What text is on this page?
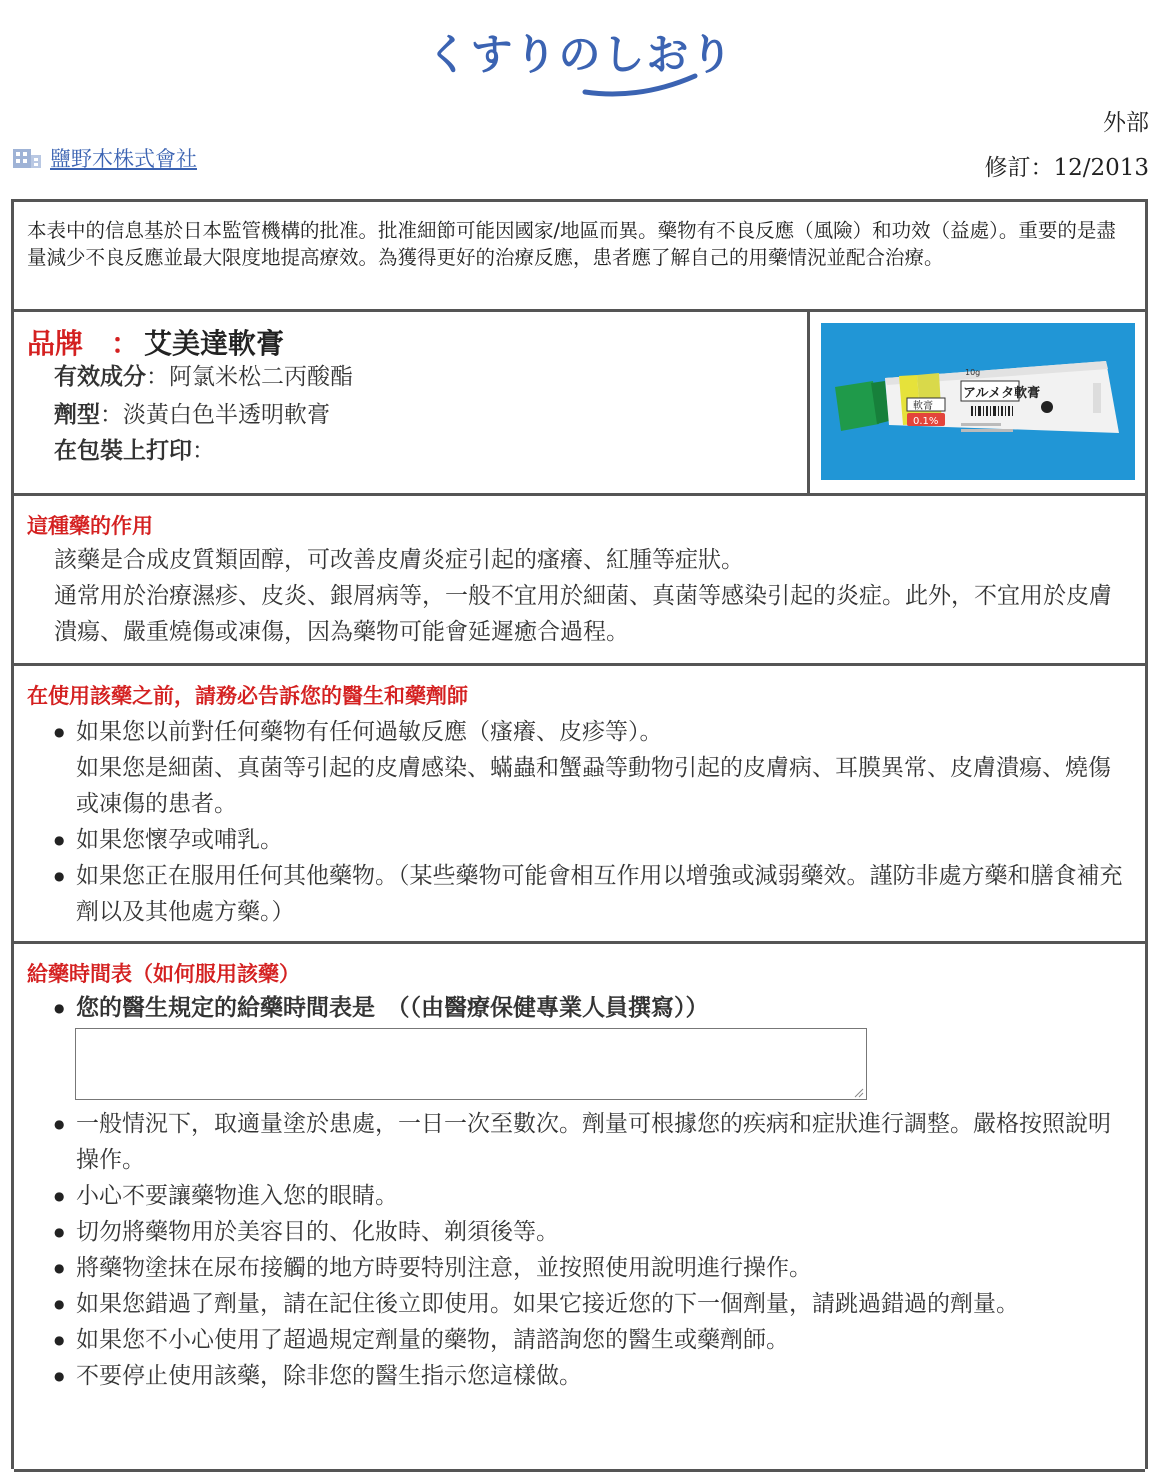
くすりのしおり
外部
鹽野木株式會社	修訂：12/2013
本表中的信息基於日本監管機構的批准。批准細節可能因國家/地區而異。藥物有不良反應（風險）和功效（益處）。重要的是盡量減少不良反應並最大限度地提高療效。為獲得更好的治療反應，患者應了解自己的用藥情況並配合治療。
品牌　： 艾美達軟膏
有效成分：阿氯米松二丙酸酯
劑型：淡黃白色半透明軟膏
在包裝上打印：
アルメタ軟膏
10g
軟膏
0.1%
這種藥的作用
該藥是合成皮質類固醇，可改善皮膚炎症引起的瘙癢、紅腫等症狀。
通常用於治療濕疹、皮炎、銀屑病等，一般不宜用於細菌、真菌等感染引起的炎症。此外，不宜用於皮膚潰瘍、嚴重燒傷或凍傷，因為藥物可能會延遲癒合過程。
在使用該藥之前，請務必告訴您的醫生和藥劑師
● 如果您以前對任何藥物有任何過敏反應（瘙癢、皮疹等）。
如果您是細菌、真菌等引起的皮膚感染、蟎蟲和蟹蝨等動物引起的皮膚病、耳膜異常、皮膚潰瘍、燒傷或凍傷的患者。
● 如果您懷孕或哺乳。
● 如果您正在服用任何其他藥物。（某些藥物可能會相互作用以增強或減弱藥效。謹防非處方藥和膳食補充劑以及其他處方藥。）
給藥時間表（如何服用該藥）
● 您的醫生規定的給藥時間表是　（（由醫療保健專業人員撰寫））
● 一般情況下，取適量塗於患處，一日一次至數次。劑量可根據您的疾病和症狀進行調整。嚴格按照說明操作。
● 小心不要讓藥物進入您的眼睛。
● 切勿將藥物用於美容目的、化妝時、剃須後等。
● 將藥物塗抹在尿布接觸的地方時要特別注意，並按照使用說明進行操作。
● 如果您錯過了劑量，請在記住後立即使用。如果它接近您的下一個劑量，請跳過錯過的劑量。
● 如果您不小心使用了超過規定劑量的藥物，請諮詢您的醫生或藥劑師。
● 不要停止使用該藥，除非您的醫生指示您這樣做。
